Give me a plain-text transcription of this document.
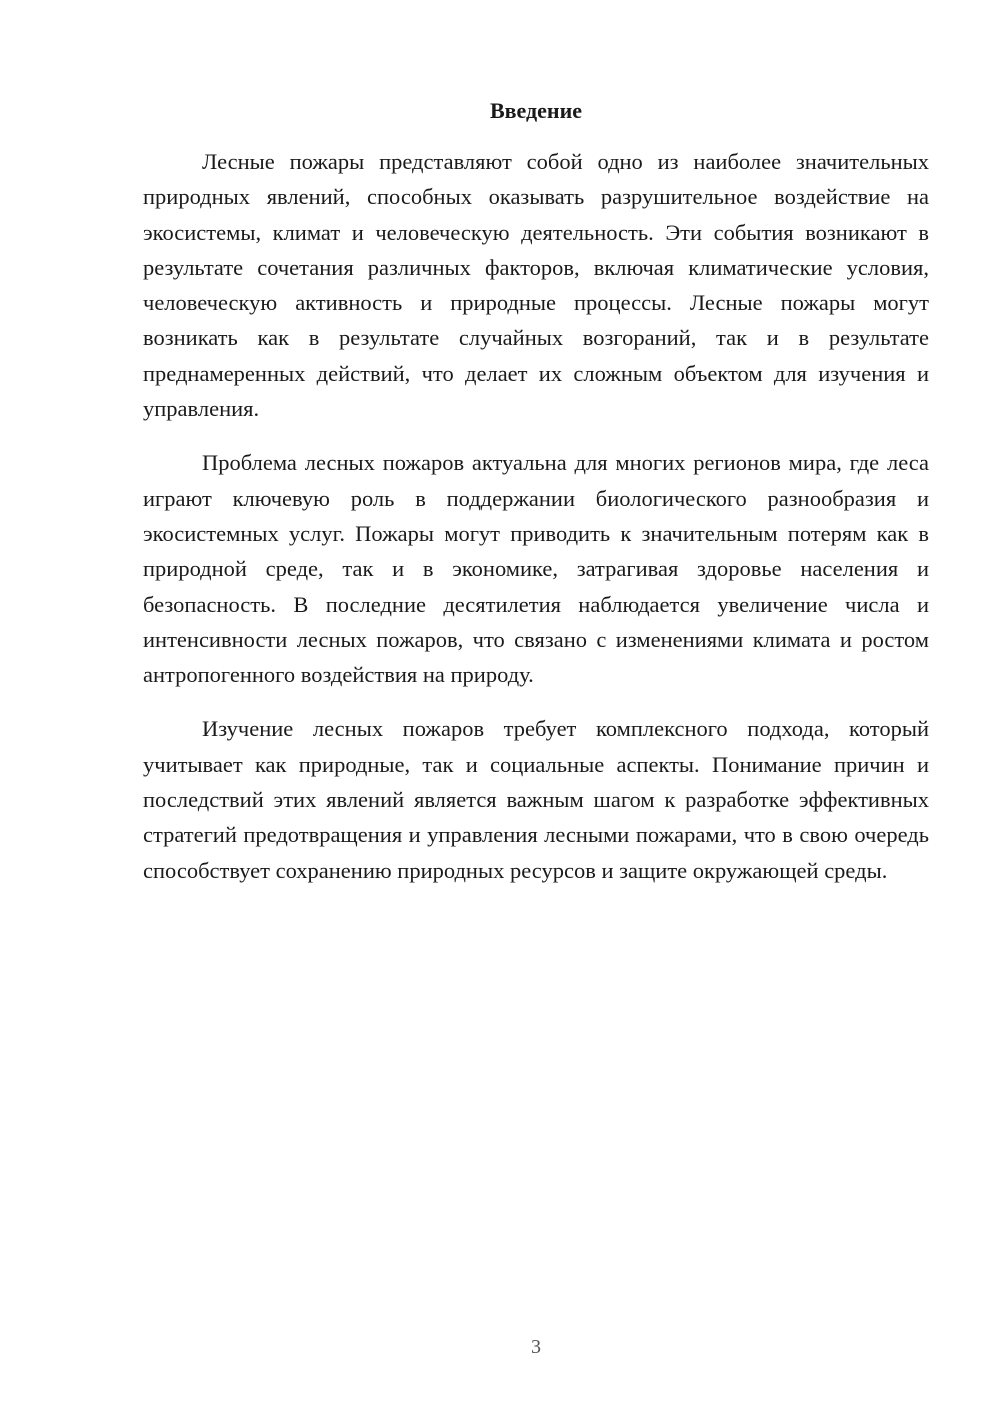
Введение

Лесные пожары представляют собой одно из наиболее значительных природных явлений, способных оказывать разрушительное воздействие на экосистемы, климат и человеческую деятельность. Эти события возникают в результате сочетания различных факторов, включая климатические условия, человеческую активность и природные процессы. Лесные пожары могут возникать как в результате случайных возгораний, так и в результате преднамеренных действий, что делает их сложным объектом для изучения и управления.

Проблема лесных пожаров актуальна для многих регионов мира, где леса играют ключевую роль в поддержании биологического разнообразия и экосистемных услуг. Пожары могут приводить к значительным потерям как в природной среде, так и в экономике, затрагивая здоровье населения и безопасность. В последние десятилетия наблюдается увеличение числа и интенсивности лесных пожаров, что связано с изменениями климата и ростом антропогенного воздействия на природу.

Изучение лесных пожаров требует комплексного подхода, который учитывает как природные, так и социальные аспекты. Понимание причин и последствий этих явлений является важным шагом к разработке эффективных стратегий предотвращения и управления лесными пожарами, что в свою очередь способствует сохранению природных ресурсов и защите окружающей среды.

3
